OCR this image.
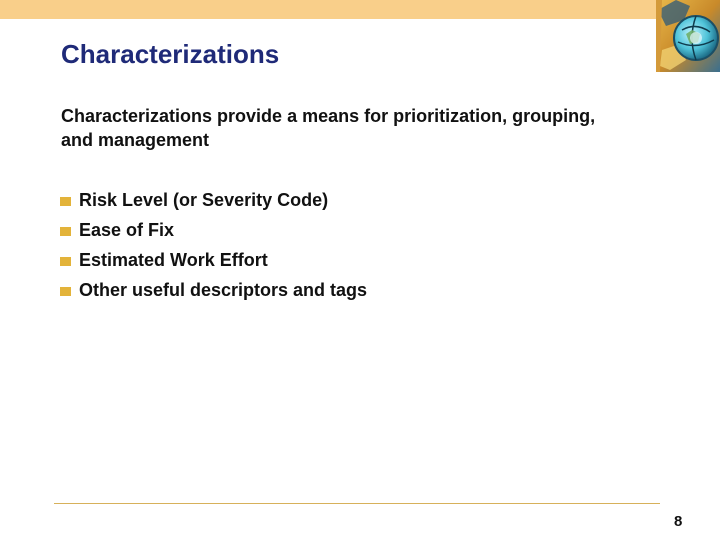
Characterizations
Characterizations provide a means for prioritization, grouping, and management
Risk Level (or Severity Code)
Ease of Fix
Estimated Work Effort
Other useful descriptors and tags
8
